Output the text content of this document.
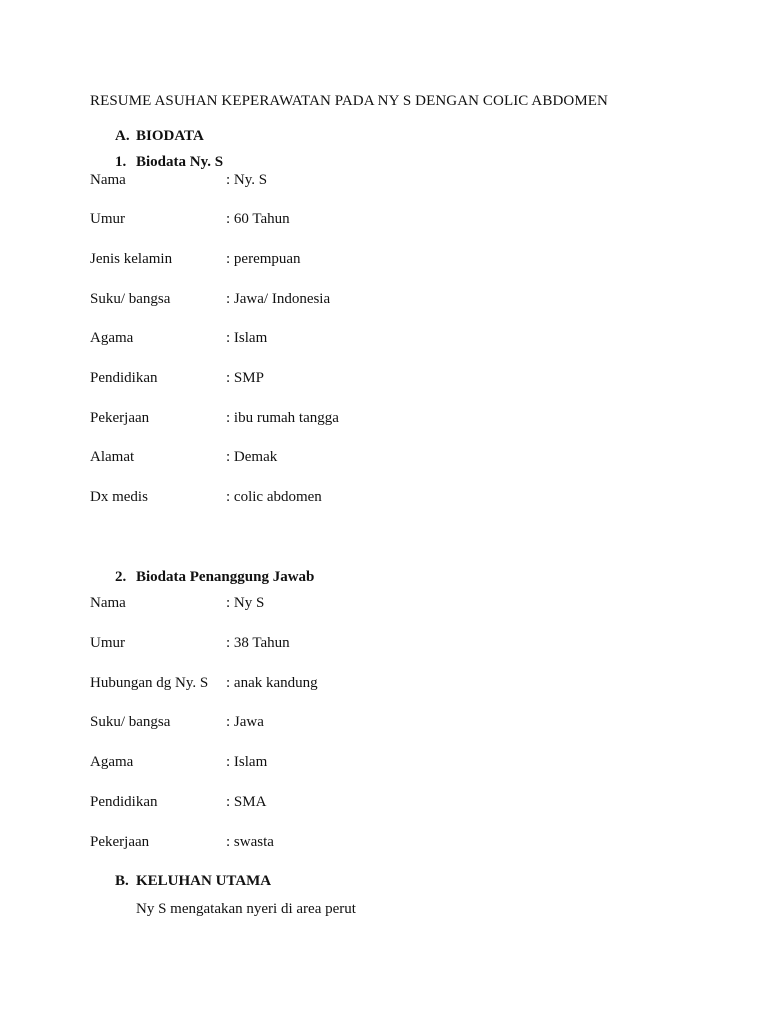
RESUME ASUHAN KEPERAWATAN PADA NY S DENGAN COLIC ABDOMEN
A. BIODATA
1. Biodata Ny. S
Nama	: Ny. S
Umur	: 60 Tahun
Jenis kelamin	: perempuan
Suku/ bangsa	: Jawa/ Indonesia
Agama	: Islam
Pendidikan	: SMP
Pekerjaan	: ibu rumah tangga
Alamat	: Demak
Dx medis	: colic abdomen
2. Biodata Penanggung Jawab
Nama	: Ny S
Umur	: 38 Tahun
Hubungan dg Ny. S : anak kandung
Suku/ bangsa	: Jawa
Agama	: Islam
Pendidikan	: SMA
Pekerjaan	: swasta
B. KELUHAN UTAMA
Ny S mengatakan nyeri di area perut
